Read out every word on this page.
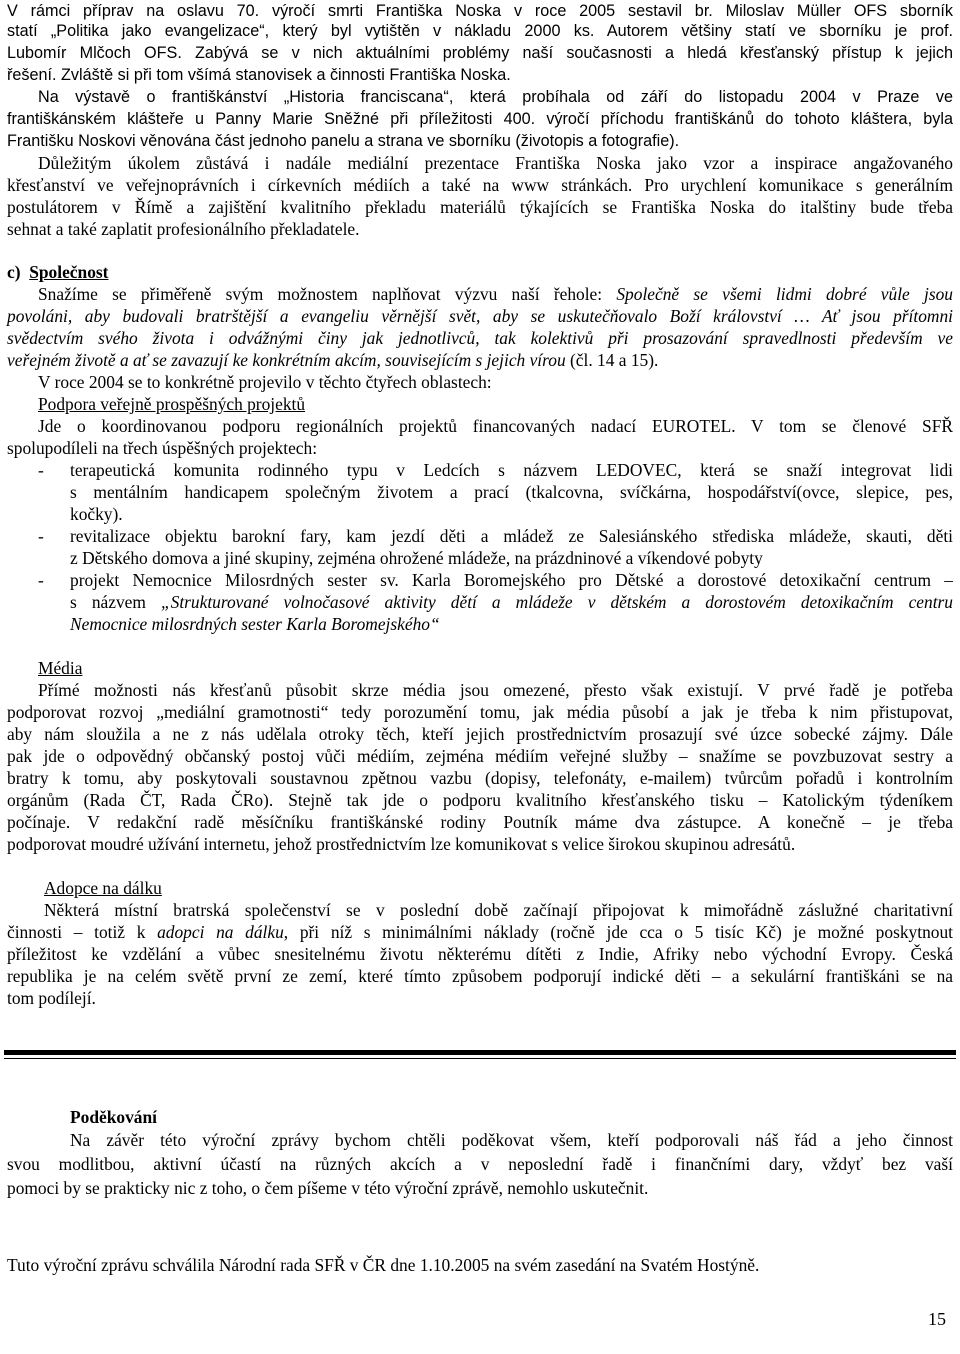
V rámci příprav na oslavu 70. výročí smrti Františka Noska v roce 2005 sestavil br. Miloslav Müller OFS sborník
statí „Politika jako evangelizace“, který byl vytištěn v nákladu 2000 ks. Autorem většiny statí ve sborníku je prof.
Lubomír Mlčoch OFS. Zabývá se v nich aktuálními problémy naší současnosti a hledá křesťanský přístup k jejich
řešení. Zvláště si při tom všímá stanovisek a činnosti Františka Noska.
Na výstavě o františkánství „Historia franciscana“, která probíhala od září do listopadu 2004 v Praze ve
františkánském klášteře u Panny Marie Sněžné při příležitosti 400. výročí příchodu františkánů do tohoto kláštera, byla
Františku Noskovi věnována část jednoho panelu a strana ve sborníku (životopis a fotografie).
Důležitým úkolem zůstává i nadále mediální prezentace Františka Noska jako vzor a inspirace angažovaného
křesťanství ve veřejnoprávních i církevních médiích a také na www stránkách. Pro urychlení komunikace s generálním
postulátorem v Římě a zajištění kvalitního překladu materiálů týkajících se Františka Noska do italštiny bude třeba
sehnat a také zaplatit profesionálního překladatele.
c) Společnost
Snažíme se přiměřeně svým možnostem naplňovat výzvu naší řehole: Společně se všemi lidmi dobré vůle jsou
povoláni, aby budovali bratrštější a evangeliu věrnější svět, aby se uskutečňovalo Boží království … Ať jsou přítomni
svědectvím svého života i odvážnými činy jak jednotlivců, tak kolektivů při prosazování spravedlnosti především ve
veřejném životě a ať se zavazují ke konkrétním akcím, souvisejícím s jejich vírou (čl. 14 a 15).
V roce 2004 se to konkrétně projevilo v těchto čtyřech oblastech:
Podpora veřejně prospěšných projektů
Jde o koordinovanou podporu regionálních projektů financovaných nadací EUROTEL. V tom se členové SFŘ
spolupodíleli na třech úspěšných projektech:
- terapeutická komunita rodinného typu v Ledcích s názvem LEDOVEC, která se snaží integrovat lidi
s mentálním handicapem společným životem a prací (tkalcovna, svíčkárna, hospodářství(ovce, slepice, pes,
kočky).
- revitalizace objektu barokní fary, kam jezdí děti a mládež ze Salesiánského střediska mládeže, skauti, děti
z Dětského domova a jiné skupiny, zejména ohrožené mládeže, na prázdninové a víkendové pobyty
- projekt Nemocnice Milosrdných sester sv. Karla Boromejského pro Dětské a dorostové detoxikační centrum –
s názvem „Strukturované volnočasové aktivity dětí a mládeže v dětském a dorostovém detoxikačním centru
Nemocnice milosrdných sester Karla Boromejského“
Média
Přímé možnosti nás křesťanů působit skrze média jsou omezené, přesto však existují. V prvé řadě je potřeba
podporovat rozvoj „mediální gramotnosti“ tedy porozumění tomu, jak média působí a jak je třeba k nim přistupovat,
aby nám sloužila a ne z nás udělala otroky těch, kteří jejich prostřednictvím prosazují své úzce sobecké zájmy. Dále
pak jde o odpovědný občanský postoj vůči médiím, zejména médiím veřejné služby – snažíme se povzbuzovat sestry a
bratry k tomu, aby poskytovali soustavnou zpětnou vazbu (dopisy, telefonáty, e-mailem) tvůrcům pořadů i kontrolním
orgánům (Rada ČT, Rada ČRo). Stejně tak jde o podporu kvalitního křesťanského tisku – Katolickým týdeníkem
počínaje. V redakční radě měsíčníku františkánské rodiny Poutník máme dva zástupce. A konečně – je třeba
podporovat moudré užívání internetu, jehož prostřednictvím lze komunikovat s velice širokou skupinou adresátů.
Adopce na dálku
Některá místní bratrská společenství se v poslední době začínají připojovat k mimořádně záslužné charitativní
činnosti – totiž k adopci na dálku, při níž s minimálními náklady (ročně jde cca o 5 tisíc Kč) je možné poskytnout
příležitost ke vzdělání a vůbec snesitelnému životu některému dítěti z Indie, Afriky nebo východní Evropy. Česká
republika je na celém světě první ze zemí, které tímto způsobem podporují indické děti – a sekulární františkáni se na
tom podílejí.
Poděkování
Na závěr této výroční zprávy bychom chtěli poděkovat všem, kteří podporovali náš řád a jeho činnost
svou modlitbou, aktivní účastí na různých akcích a v neposlední řadě i finančními dary, vždyť bez vaší
pomoci by se prakticky nic z toho, o čem píšeme v této výroční zprávě, nemohlo uskutečnit.
Tuto výroční zprávu schválila Národní rada SFŘ v ČR dne 1.10.2005 na svém zasedání na Svatém Hostýně.
15
